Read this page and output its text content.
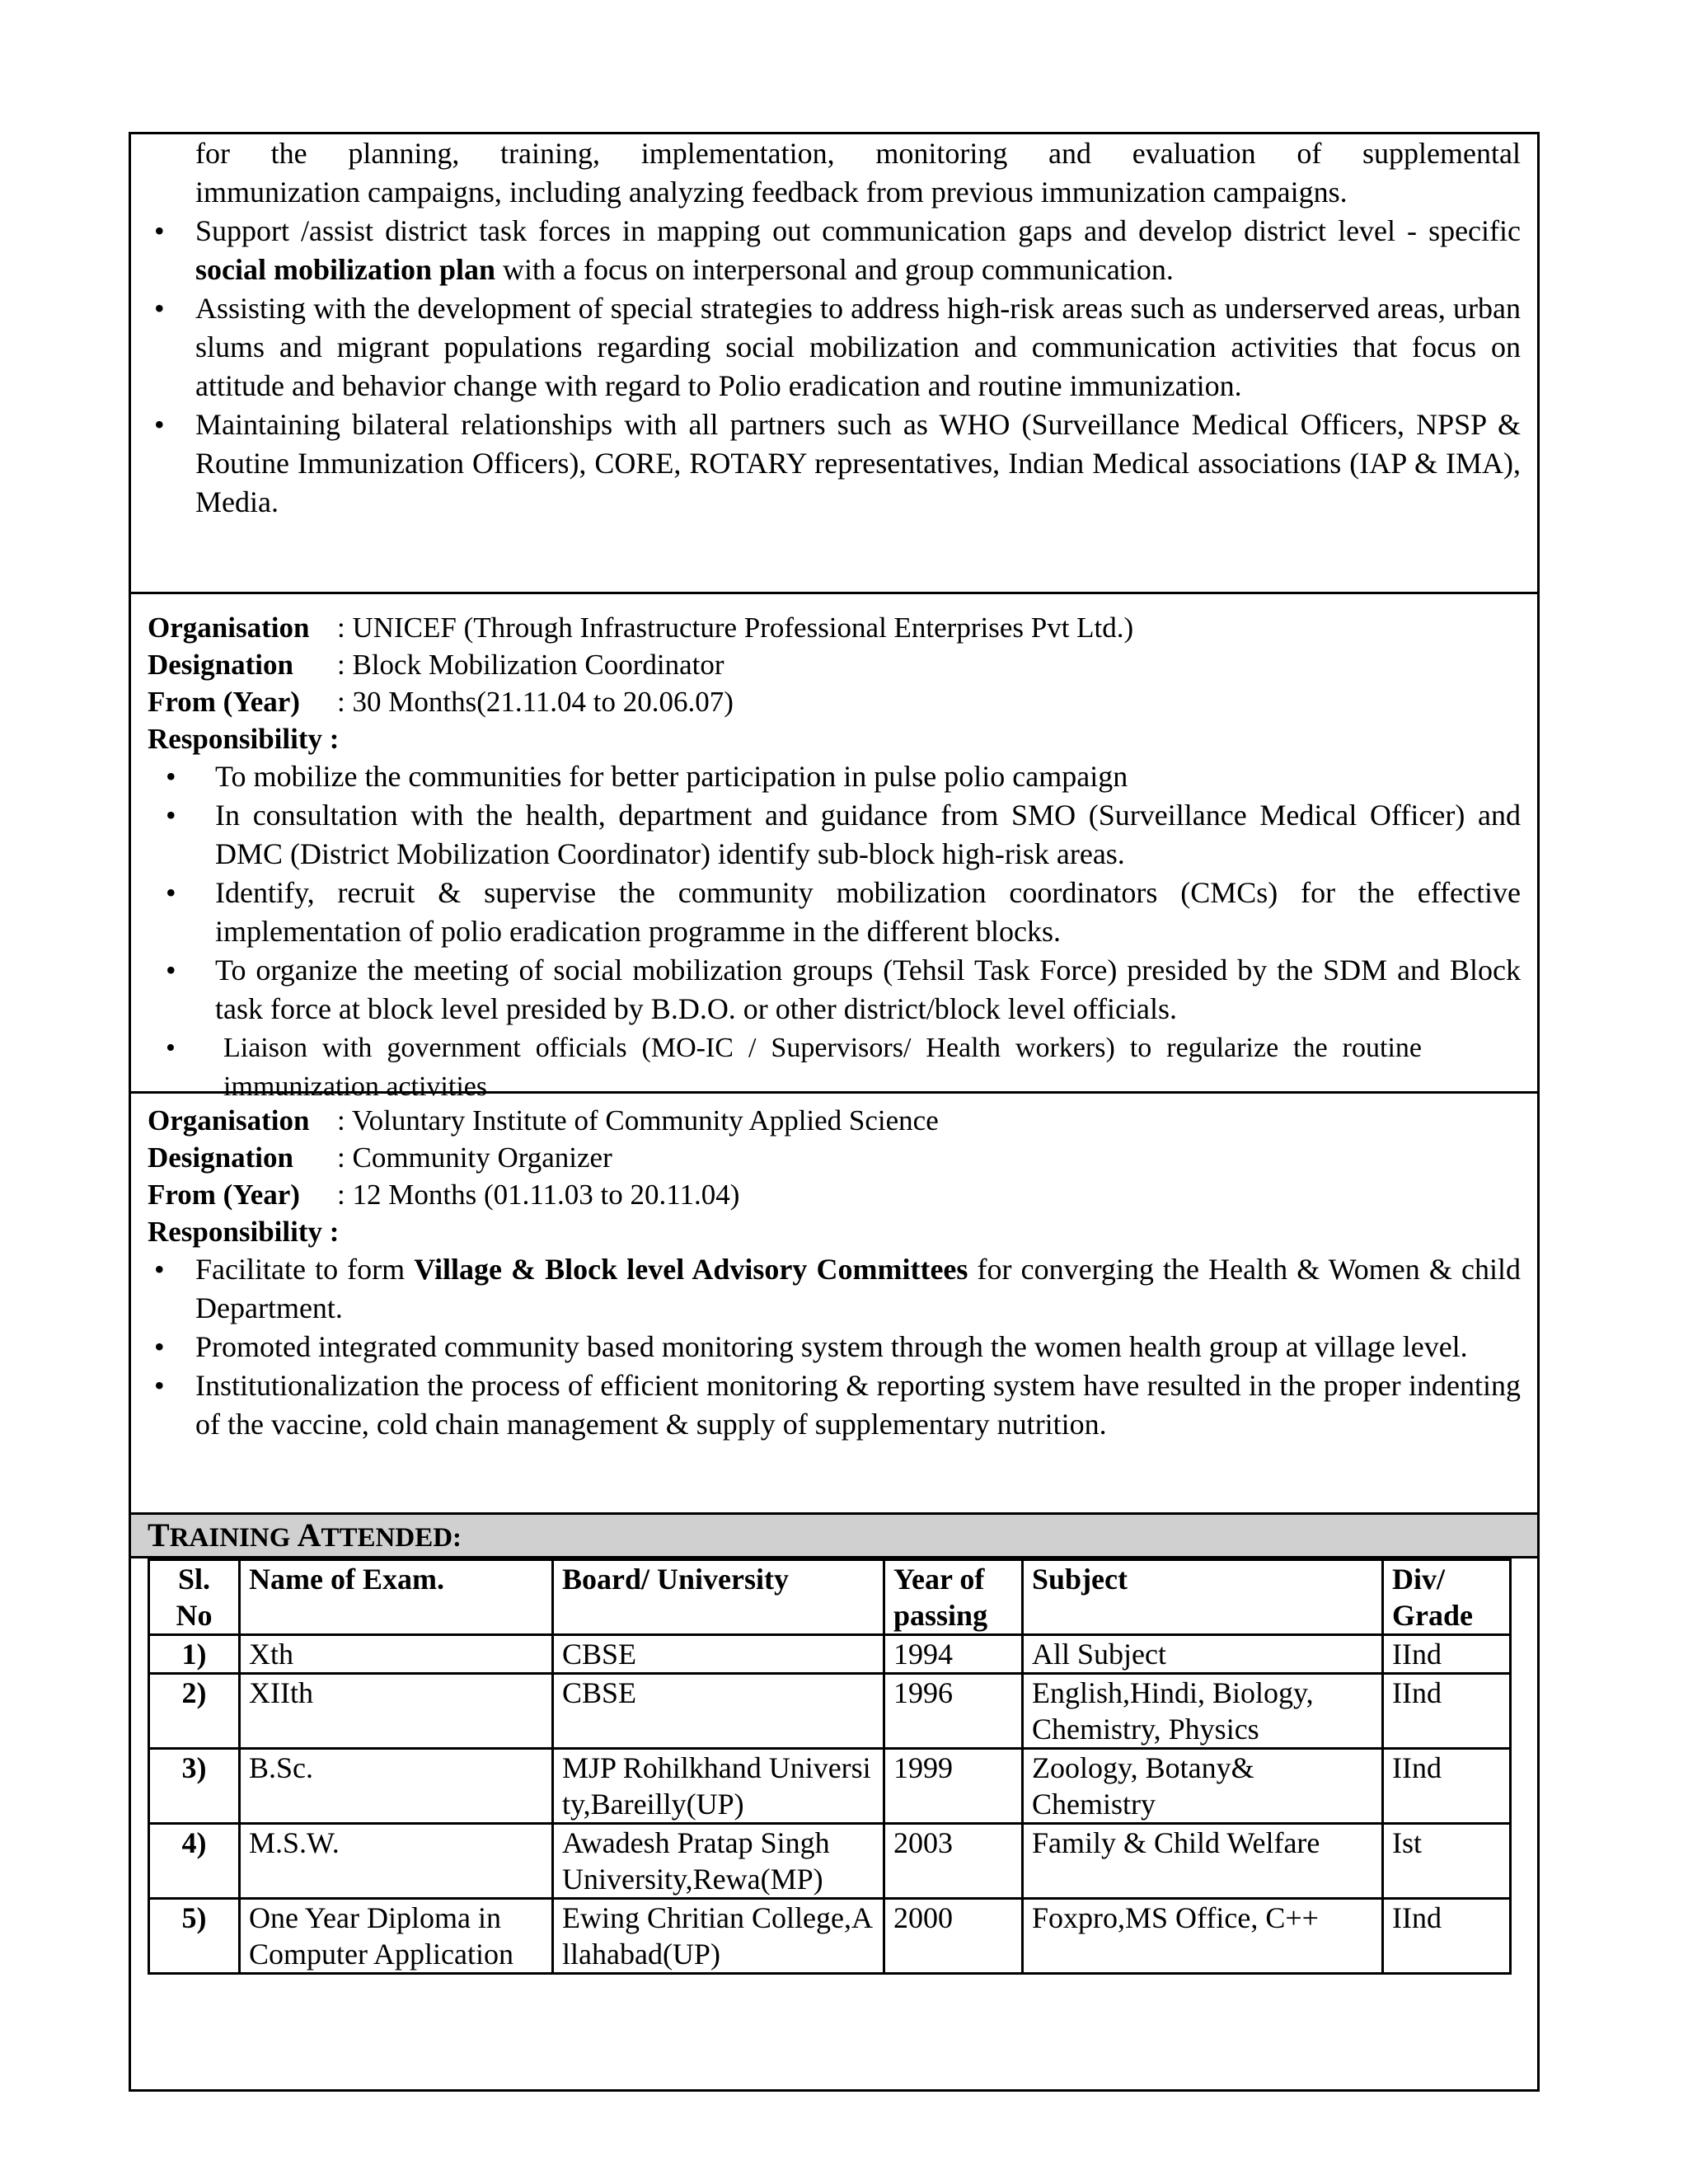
for the planning, training, implementation, monitoring and evaluation of supplemental
immunization campaigns, including analyzing feedback from previous immunization campaigns.
• Support /assist district task forces in mapping out communication gaps and develop district level - specific social mobilization plan with a focus on interpersonal and group communication.
• Assisting with the development of special strategies to address high-risk areas such as underserved areas, urban slums and migrant populations regarding social mobilization and communication activities that focus on attitude and behavior change with regard to Polio eradication and routine immunization.
• Maintaining bilateral relationships with all partners such as WHO (Surveillance Medical Officers, NPSP & Routine Immunization Officers), CORE, ROTARY representatives, Indian Medical associations (IAP & IMA), Media.
Organisation : UNICEF (Through Infrastructure Professional Enterprises Pvt Ltd.)
Designation : Block Mobilization Coordinator
From (Year) : 30 Months(21.11.04 to 20.06.07)
Responsibility :
• To mobilize the communities for better participation in pulse polio campaign
• In consultation with the health, department and guidance from SMO (Surveillance Medical Officer) and DMC (District Mobilization Coordinator) identify sub-block high-risk areas.
• Identify, recruit & supervise the community mobilization coordinators (CMCs) for the effective implementation of polio eradication programme in the different blocks.
• To organize the meeting of social mobilization groups (Tehsil Task Force) presided by the SDM and Block task force at block level presided by B.D.O. or other district/block level officials.
• Liaison with government officials (MO-IC / Supervisors/ Health workers) to regularize the routine immunization activities
Organisation : Voluntary Institute of Community Applied Science
Designation : Community Organizer
From (Year) : 12 Months (01.11.03 to 20.11.04)
Responsibility :
• Facilitate to form Village & Block level Advisory Committees for converging the Health & Women & child Department.
• Promoted integrated community based monitoring system through the women health group at village level.
• Institutionalization the process of efficient monitoring & reporting system have resulted in the proper indenting of the vaccine, cold chain management & supply of supplementary nutrition.
TRAINING ATTENDED:
Sl. No	Name of Exam.	Board/ University	Year of passing	Subject	Div/ Grade
1)	Xth	CBSE	1994	All Subject	IInd
2)	XIIth	CBSE	1996	English,Hindi, Biology, Chemistry, Physics	IInd
3)	B.Sc.	MJP Rohilkhand University,Bareilly(UP)	1999	Zoology, Botany& Chemistry	IInd
4)	M.S.W.	Awadesh Pratap Singh University,Rewa(MP)	2003	Family & Child Welfare	Ist
5)	One Year Diploma in Computer Application	Ewing Chritian College,Allahabad(UP)	2000	Foxpro,MS Office, C++	IInd
